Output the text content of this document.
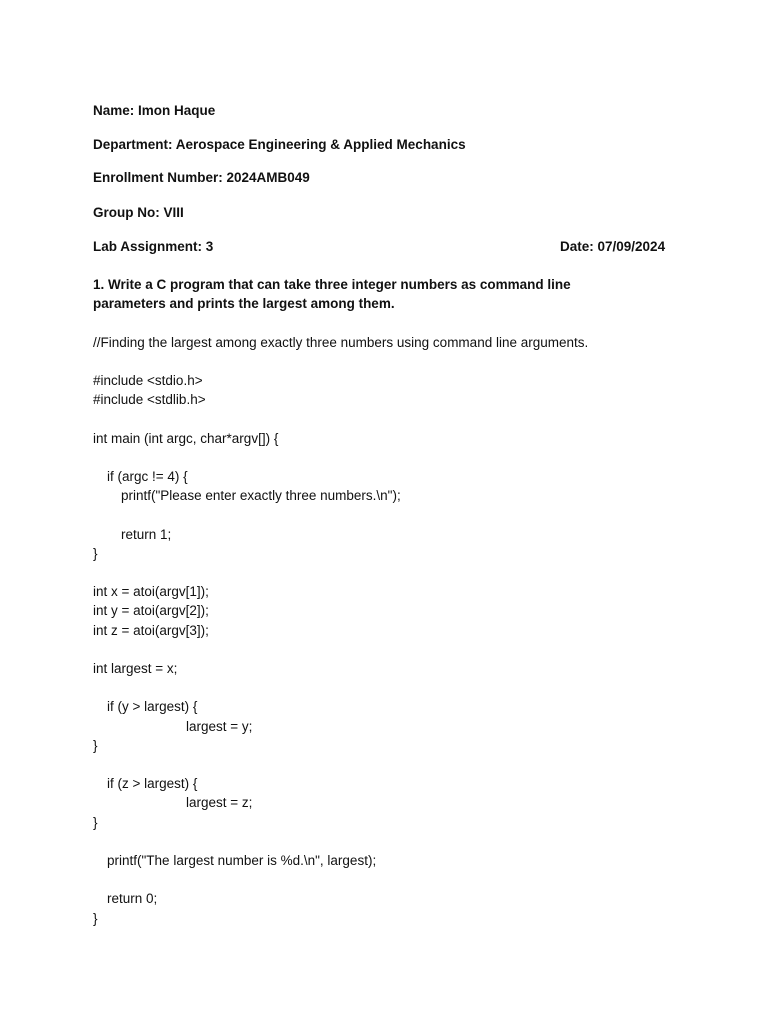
Name: Imon Haque
Department: Aerospace Engineering & Applied Mechanics
Enrollment Number: 2024AMB049
Group No: VIII
Lab Assignment: 3	Date: 07/09/2024
1. Write a C program that can take three integer numbers as command line
parameters and prints the largest among them.
//Finding the largest among exactly three numbers using command line arguments.
#include <stdio.h>
#include <stdlib.h>
int main (int argc, char*argv[]) {
if (argc != 4) {
printf("Please enter exactly three numbers.\n");
return 1;
}
int x = atoi(argv[1]);
int y = atoi(argv[2]);
int z = atoi(argv[3]);
int largest = x;
if (y > largest) {
largest = y;
}
if (z > largest) {
largest = z;
}
printf("The largest number is %d.\n", largest);
return 0;
}
